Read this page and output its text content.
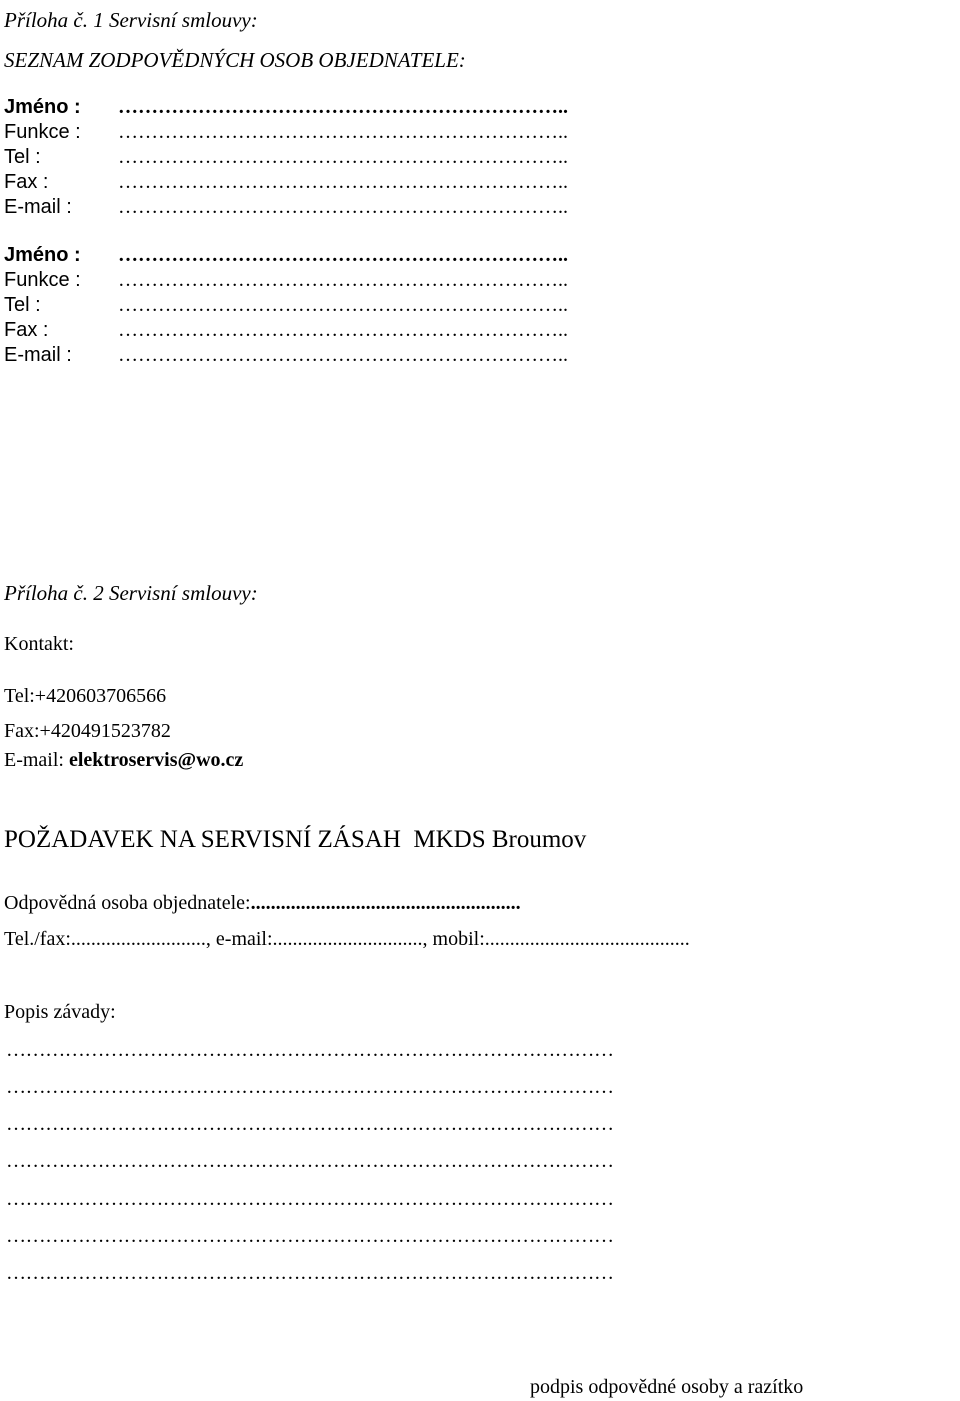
Příloha č. 1 Servisní smlouvy:
SEZNAM ZODPOVĚDNÝCH OSOB OBJEDNATELE:
Jméno : …………………………………………………………..
Funkce : …………………………………………………………..
Tel :	…………………………………………………………..
Fax :	…………………………………………………………..
E-mail : …………………………………………………………..
Jméno : …………………………………………………………..
Funkce : …………………………………………………………..
Tel :	…………………………………………………………..
Fax :	…………………………………………………………..
E-mail : …………………………………………………………..
Příloha č. 2 Servisní smlouvy:
Kontakt:
Tel:+420603706566
Fax:+420491523782
E-mail: elektroservis@wo.cz
POŽADAVEK NA SERVISNÍ ZÁSAH  MKDS Broumov
Odpovědná osoba objednatele:......................................................
Tel./fax:..........................., e-mail:.............................., mobil:.........................................
Popis závady:
…………………………………………………………………………………
…………………………………………………………………………………
…………………………………………………………………………………
…………………………………………………………………………………
…………………………………………………………………………………
…………………………………………………………………………………
…………………………………………………………………………………
podpis odpovědné osoby a razítko
